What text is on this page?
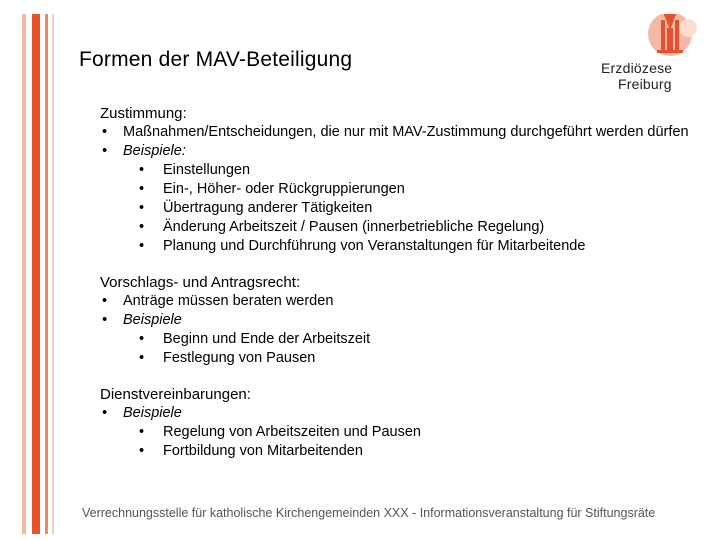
Formen der MAV-Beteiligung	Erzdiözese
Freiburg
Zustimmung:
• Maßnahmen/Entscheidungen, die nur mit MAV-Zustimmung durchgeführt werden dürfen
• Beispiele:
• Einstellungen
• Ein-, Höher- oder Rückgruppierungen
• Übertragung anderer Tätigkeiten
• Änderung Arbeitszeit / Pausen (innerbetriebliche Regelung)
• Planung und Durchführung von Veranstaltungen für Mitarbeitende
Vorschlags- und Antragsrecht:
• Anträge müssen beraten werden
• Beispiele
• Beginn und Ende der Arbeitszeit
• Festlegung von Pausen
Dienstvereinbarungen:
• Beispiele
• Regelung von Arbeitszeiten und Pausen
• Fortbildung von Mitarbeitenden
Verrechnungsstelle für katholische Kirchengemeinden XXX - Informationsveranstaltung für Stiftungsräte
